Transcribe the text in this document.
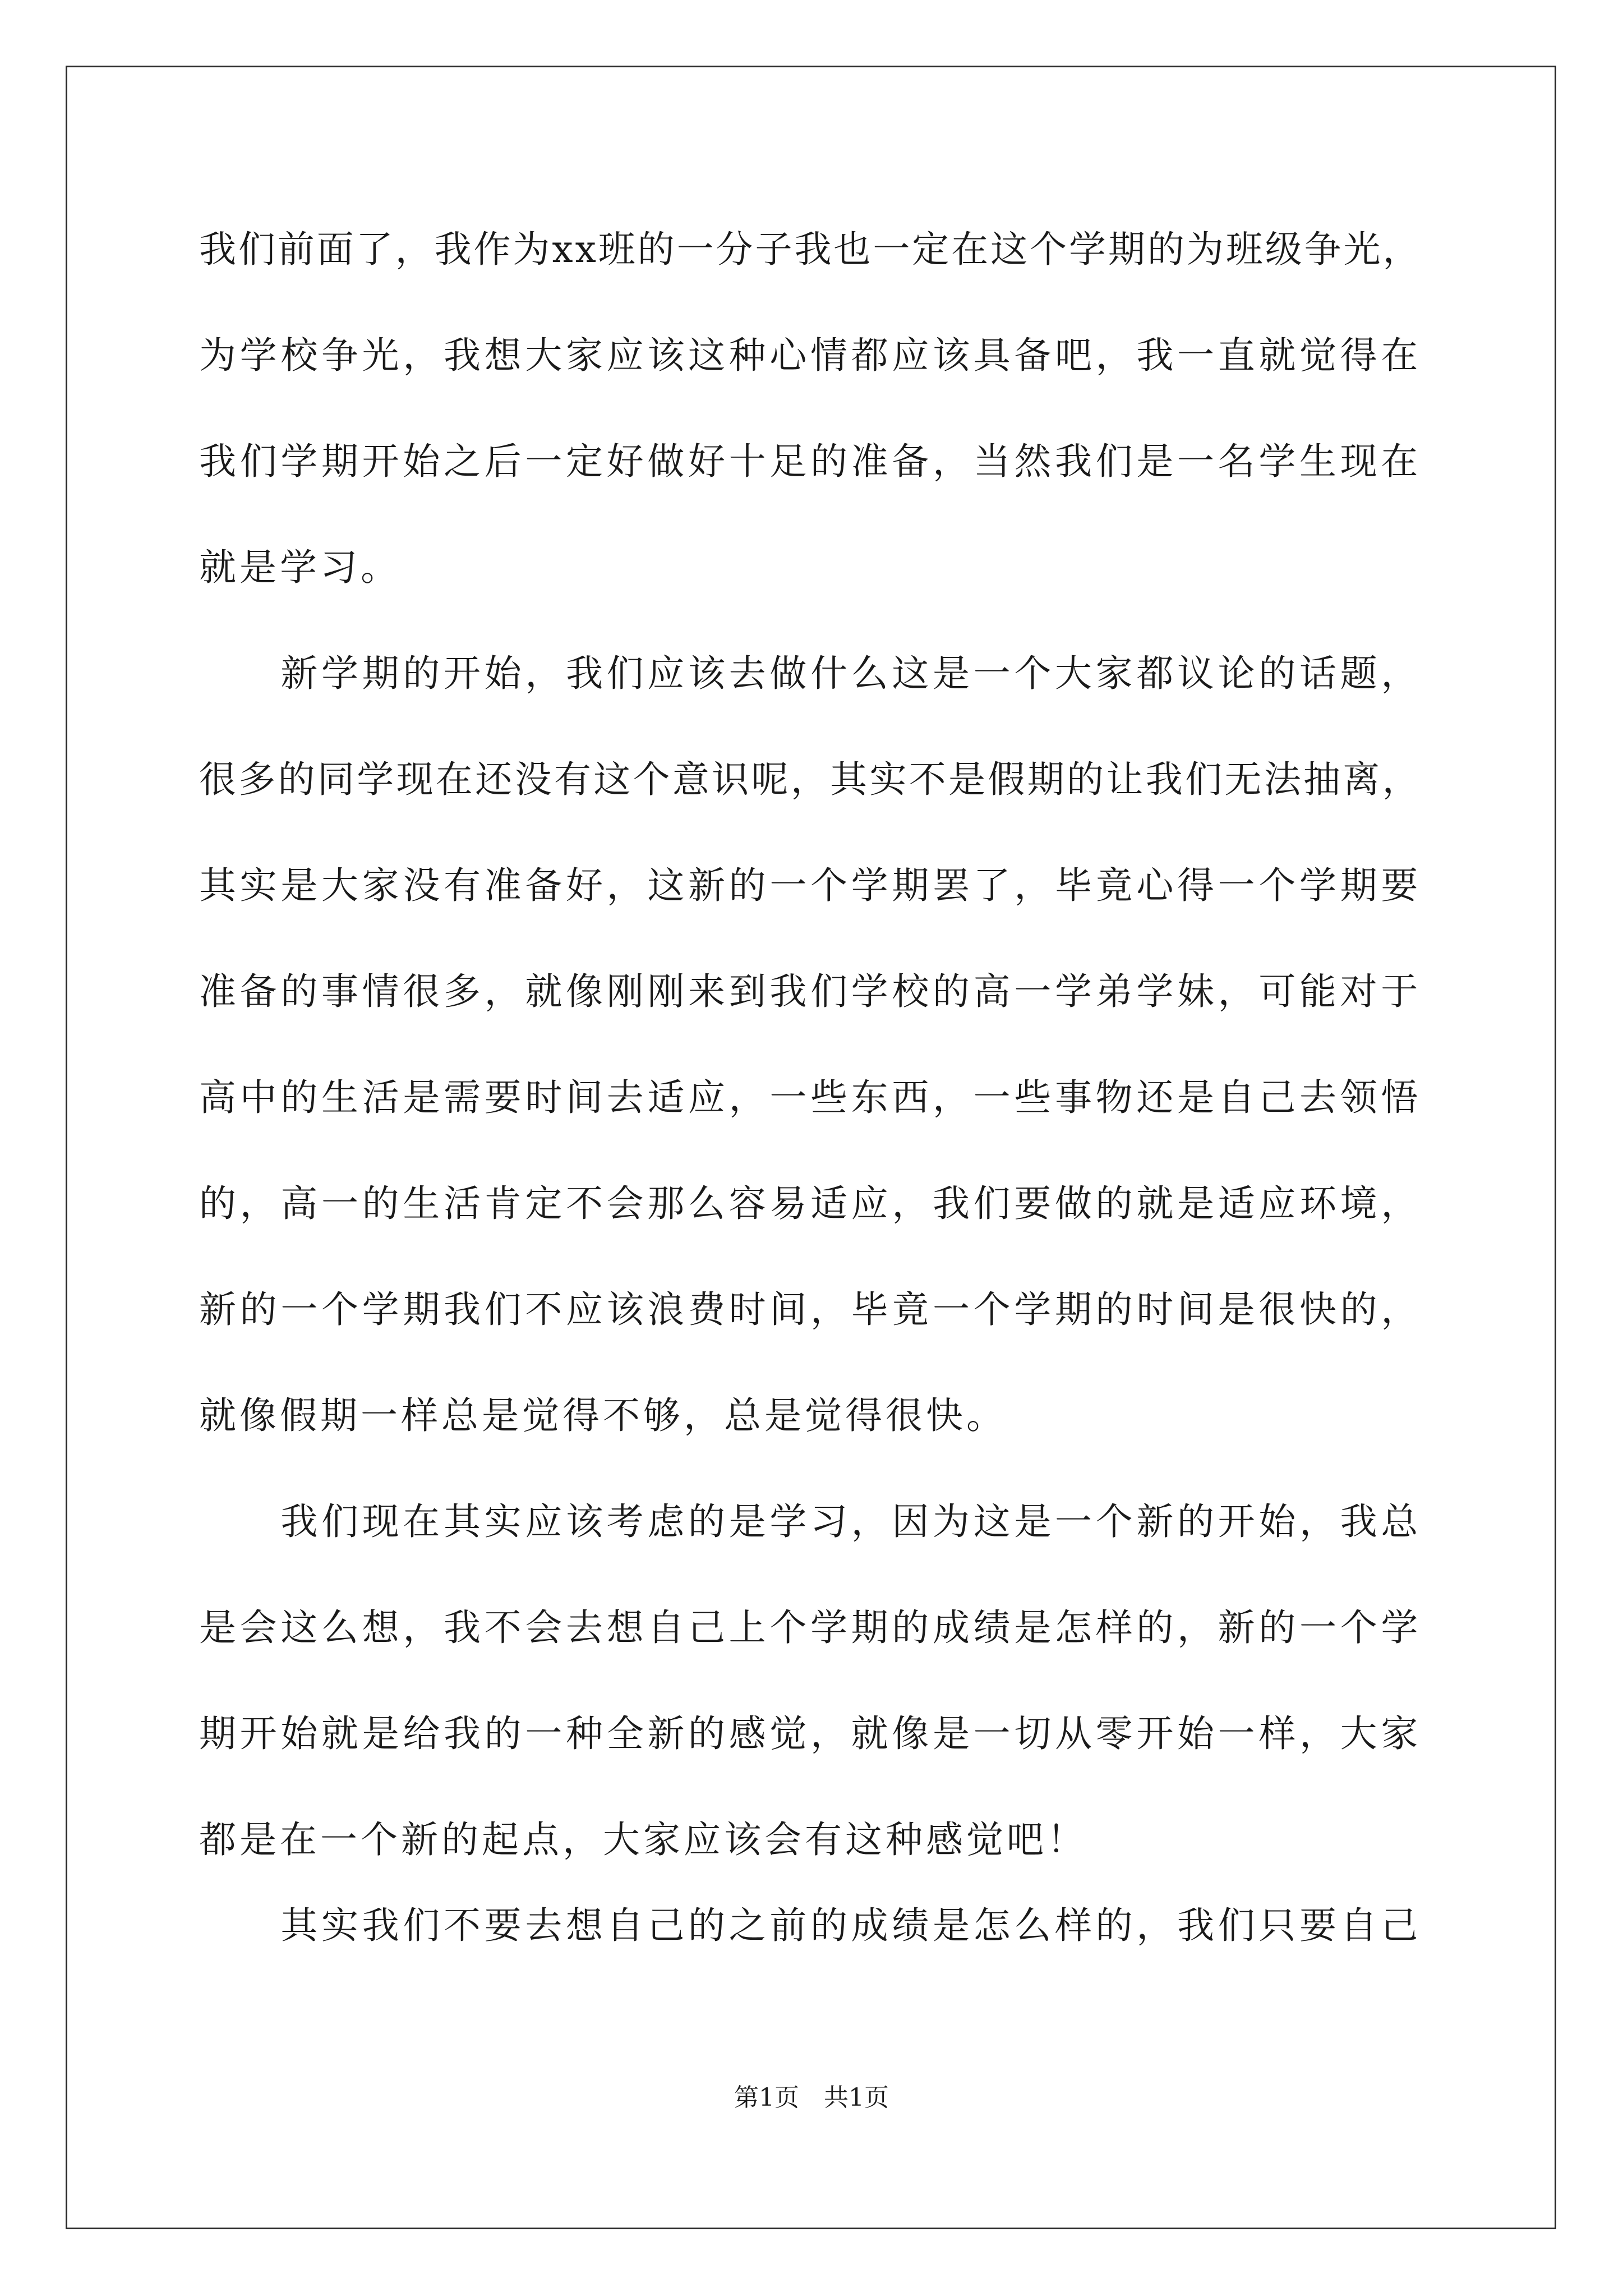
我们前面了，我作为xx班的一分子我也一定在这个学期的为班级争光，
为学校争光，我想大家应该这种心情都应该具备吧，我一直就觉得在
我们学期开始之后一定好做好十足的准备，当然我们是一名学生现在
就是学习。
　　新学期的开始，我们应该去做什么这是一个大家都议论的话题，
很多的同学现在还没有这个意识呢，其实不是假期的让我们无法抽离，
其实是大家没有准备好，这新的一个学期罢了，毕竟心得一个学期要
准备的事情很多，就像刚刚来到我们学校的高一学弟学妹，可能对于
高中的生活是需要时间去适应，一些东西，一些事物还是自己去领悟
的，高一的生活肯定不会那么容易适应，我们要做的就是适应环境，
新的一个学期我们不应该浪费时间，毕竟一个学期的时间是很快的，
就像假期一样总是觉得不够，总是觉得很快。
　　我们现在其实应该考虑的是学习，因为这是一个新的开始，我总
是会这么想，我不会去想自己上个学期的成绩是怎样的，新的一个学
期开始就是给我的一种全新的感觉，就像是一切从零开始一样，大家
都是在一个新的起点，大家应该会有这种感觉吧！
　　其实我们不要去想自己的之前的成绩是怎么样的，我们只要自己
第1页　共1页
